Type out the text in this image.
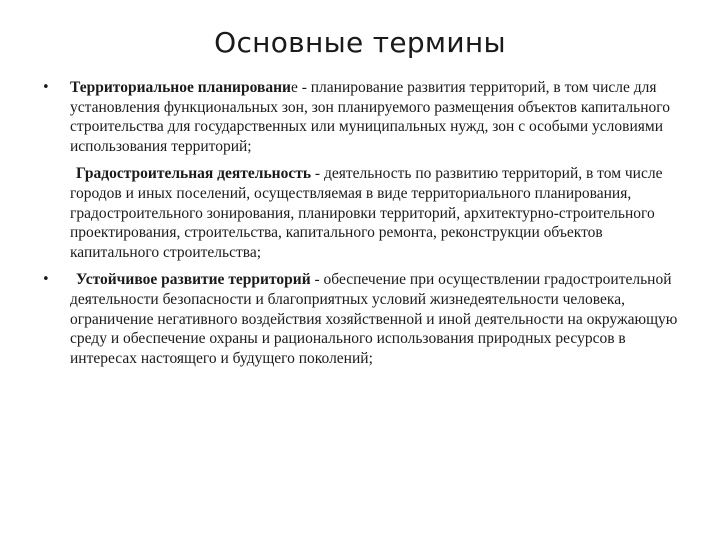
Основные термины
• Территориальное планирование - планирование развития территорий, в том числе для установления функциональных зон, зон планируемого размещения объектов капитального строительства для государственных или муниципальных нужд, зон с особыми условиями использования территорий;
Градостроительная деятельность - деятельность по развитию территорий, в том числе городов и иных поселений, осуществляемая в виде территориального планирования, градостроительного зонирования, планировки территорий, архитектурно-строительного проектирования, строительства, капитального ремонта, реконструкции объектов капитального строительства;
• Устойчивое развитие территорий - обеспечение при осуществлении градостроительной деятельности безопасности и благоприятных условий жизнедеятельности человека, ограничение негативного воздействия хозяйственной и иной деятельности на окружающую среду и обеспечение охраны и рационального использования природных ресурсов в интересах настоящего и будущего поколений;
